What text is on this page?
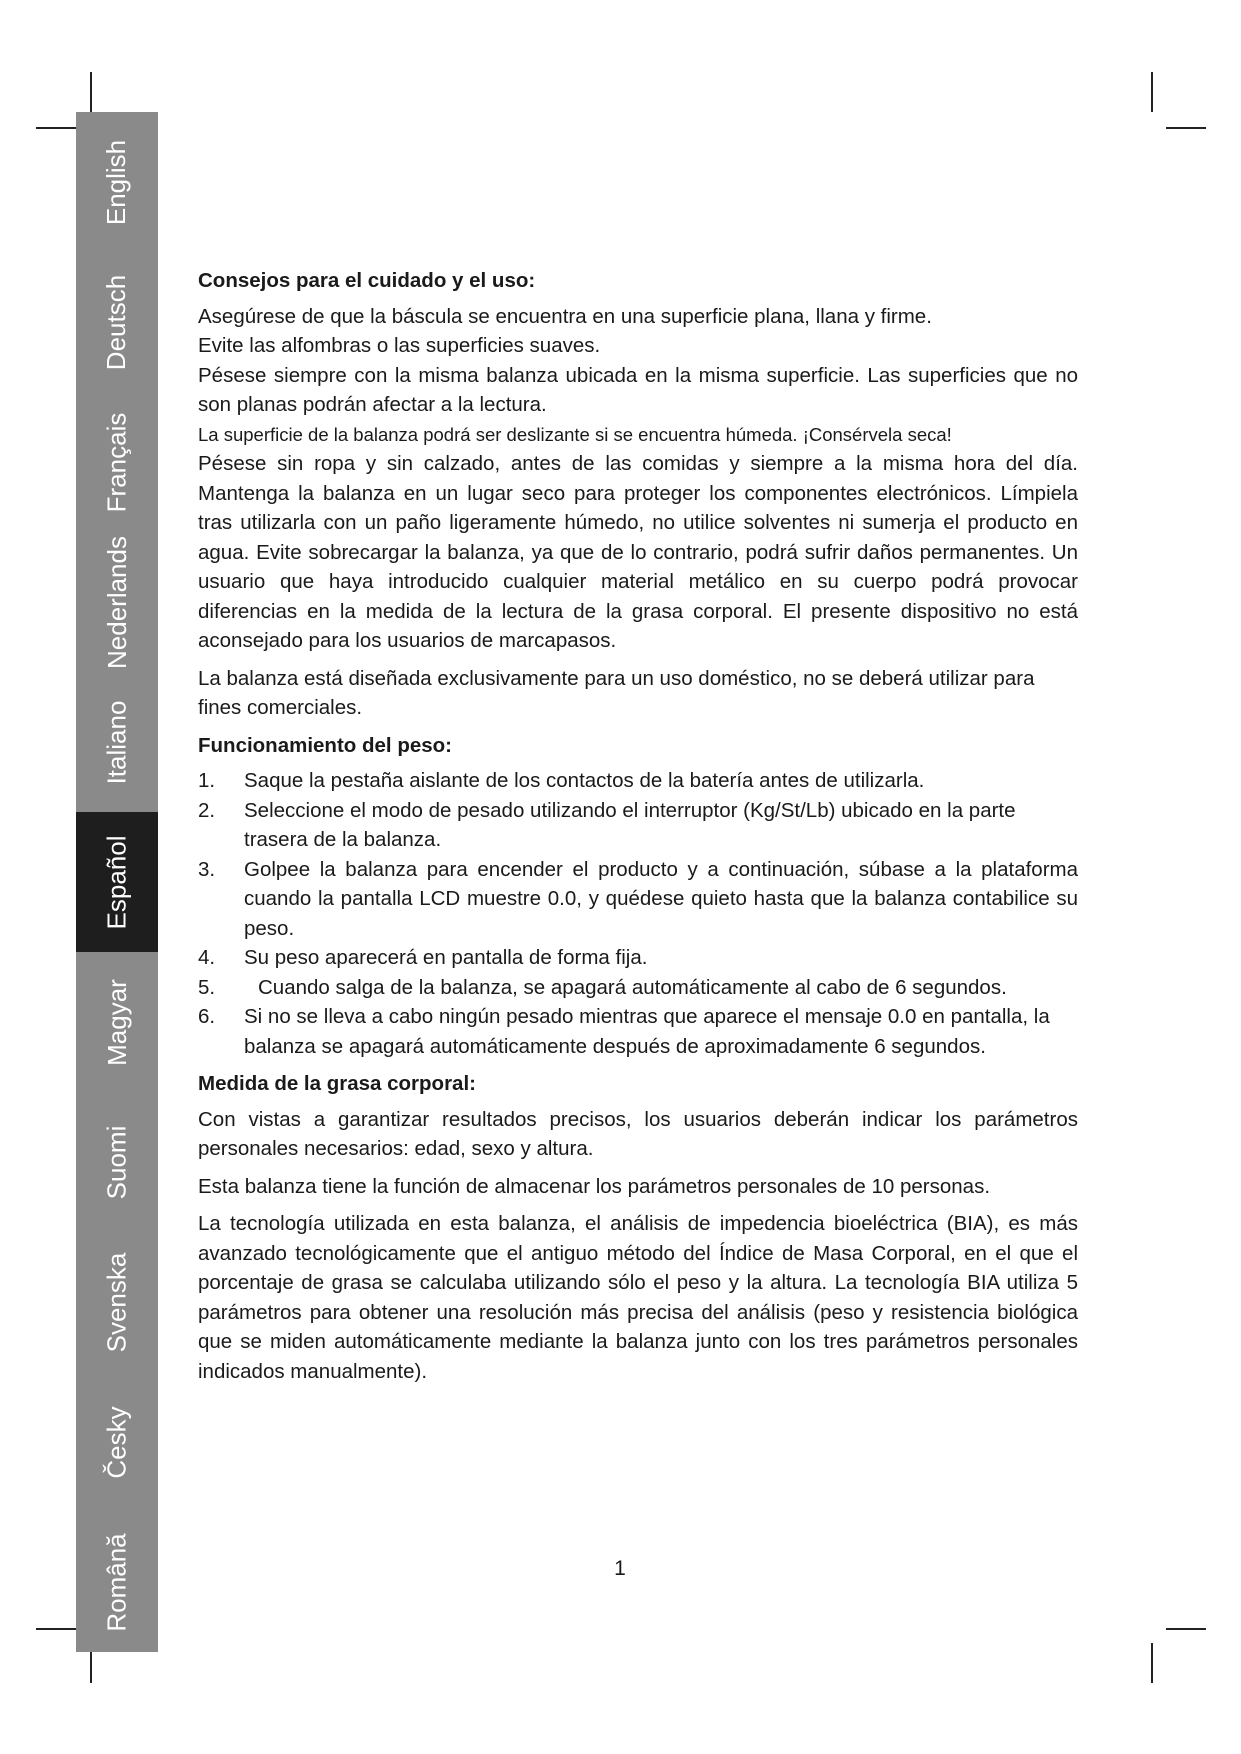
English
Deutsch
Français
Nederlands
Italiano
Español
Magyar
Suomi
Svenska
Česky
Română

Consejos para el cuidado y el uso:

Asegúrese de que la báscula se encuentra en una superficie plana, llana y firme.

Evite las alfombras o las superficies suaves.

Pésese siempre con la misma balanza ubicada en la misma superficie. Las superficies que no son planas podrán afectar a la lectura.

La superficie de la balanza podrá ser deslizante si se encuentra húmeda. ¡Consérvela seca!

Pésese sin ropa y sin calzado, antes de las comidas y siempre a la misma hora del día. Mantenga la balanza en un lugar seco para proteger los componentes electrónicos. Límpiela tras utilizarla con un paño ligeramente húmedo, no utilice solventes ni sumerja el producto en agua. Evite sobrecargar la balanza, ya que de lo contrario, podrá sufrir daños permanentes. Un usuario que haya introducido cualquier material metálico en su cuerpo podrá provocar diferencias en la medida de la lectura de la grasa corporal. El presente dispositivo no está aconsejado para los usuarios de marcapasos.

La balanza está diseñada exclusivamente para un uso doméstico, no se deberá utilizar para fines comerciales.

Funcionamiento del peso:

1. Saque la pestaña aislante de los contactos de la batería antes de utilizarla.
2. Seleccione el modo de pesado utilizando el interruptor (Kg/St/Lb) ubicado en la parte trasera de la balanza.
3. Golpee la balanza para encender el producto y a continuación, súbase a la plataforma cuando la pantalla LCD muestre 0.0, y quédese quieto hasta que la balanza contabilice su peso.
4. Su peso aparecerá en pantalla de forma fija.
5. Cuando salga de la balanza, se apagará automáticamente al cabo de 6 segundos.
6. Si no se lleva a cabo ningún pesado mientras que aparece el mensaje 0.0 en pantalla, la balanza se apagará automáticamente después de aproximadamente 6 segundos.

Medida de la grasa corporal:

Con vistas a garantizar resultados precisos, los usuarios deberán indicar los parámetros personales necesarios: edad, sexo y altura.

Esta balanza tiene la función de almacenar los parámetros personales de 10 personas.

La tecnología utilizada en esta balanza, el análisis de impedencia bioeléctrica (BIA), es más avanzado tecnológicamente que el antiguo método del Índice de Masa Corporal, en el que el porcentaje de grasa se calculaba utilizando sólo el peso y la altura. La tecnología BIA utiliza 5 parámetros para obtener una resolución más precisa del análisis (peso y resistencia biológica que se miden automáticamente mediante la balanza junto con los tres parámetros personales indicados manualmente).

1
